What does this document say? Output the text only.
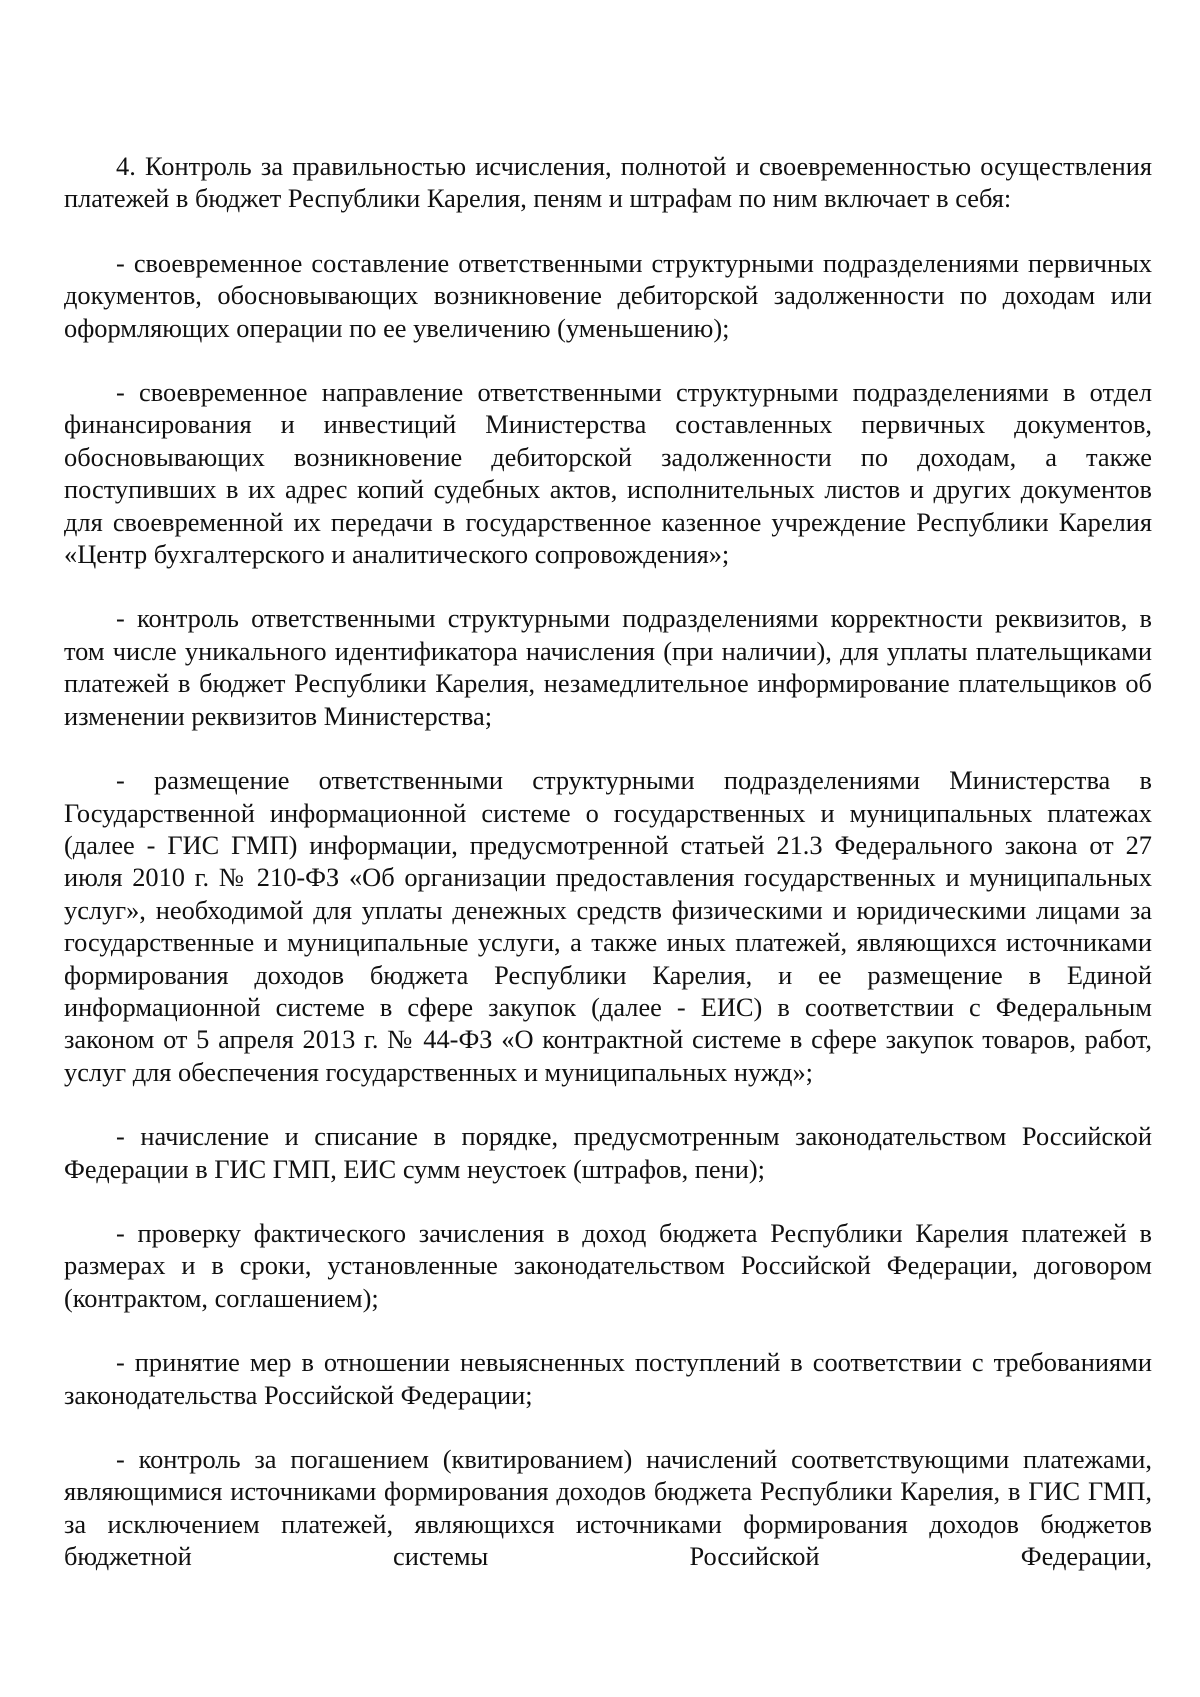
4. Контроль за правильностью исчисления, полнотой и своевременностью осуществления платежей в бюджет Республики Карелия, пеням и штрафам по ним включает в себя:

- своевременное составление ответственными структурными подразделениями первичных документов, обосновывающих возникновение дебиторской задолженности по доходам или оформляющих операции по ее увеличению (уменьшению);

- своевременное направление ответственными структурными подразделениями в отдел финансирования и инвестиций Министерства составленных первичных документов, обосновывающих возникновение дебиторской задолженности по доходам, а также поступивших в их адрес копий судебных актов, исполнительных листов и других документов для своевременной их передачи в государственное казенное учреждение Республики Карелия «Центр бухгалтерского и аналитического сопровождения»;

- контроль ответственными структурными подразделениями корректности реквизитов, в том числе уникального идентификатора начисления (при наличии), для уплаты плательщиками платежей в бюджет Республики Карелия, незамедлительное информирование плательщиков об изменении реквизитов Министерства;

- размещение ответственными структурными подразделениями Министерства в Государственной информационной системе о государственных и муниципальных платежах (далее - ГИС ГМП) информации, предусмотренной статьей 21.3 Федерального закона от 27 июля 2010 г. № 210-ФЗ «Об организации предоставления государственных и муниципальных услуг», необходимой для уплаты денежных средств физическими и юридическими лицами за государственные и муниципальные услуги, а также иных платежей, являющихся источниками формирования доходов бюджета Республики Карелия, и ее размещение в Единой информационной системе в сфере закупок (далее - ЕИС) в соответствии с Федеральным законом от 5 апреля 2013 г. № 44-ФЗ «О контрактной системе в сфере закупок товаров, работ, услуг для обеспечения государственных и муниципальных нужд»;

- начисление и списание в порядке, предусмотренным законодательством Российской Федерации в ГИС ГМП, ЕИС сумм неустоек (штрафов, пени);

- проверку фактического зачисления в доход бюджета Республики Карелия платежей в размерах и в сроки, установленные законодательством Российской Федерации, договором (контрактом, соглашением);

- принятие мер в отношении невыясненных поступлений в соответствии с требованиями законодательства Российской Федерации;

- контроль за погашением (квитированием) начислений соответствующими платежами, являющимися источниками формирования доходов бюджета Республики Карелия, в ГИС ГМП, за исключением платежей, являющихся источниками формирования доходов бюджетов бюджетной системы Российской Федерации,
